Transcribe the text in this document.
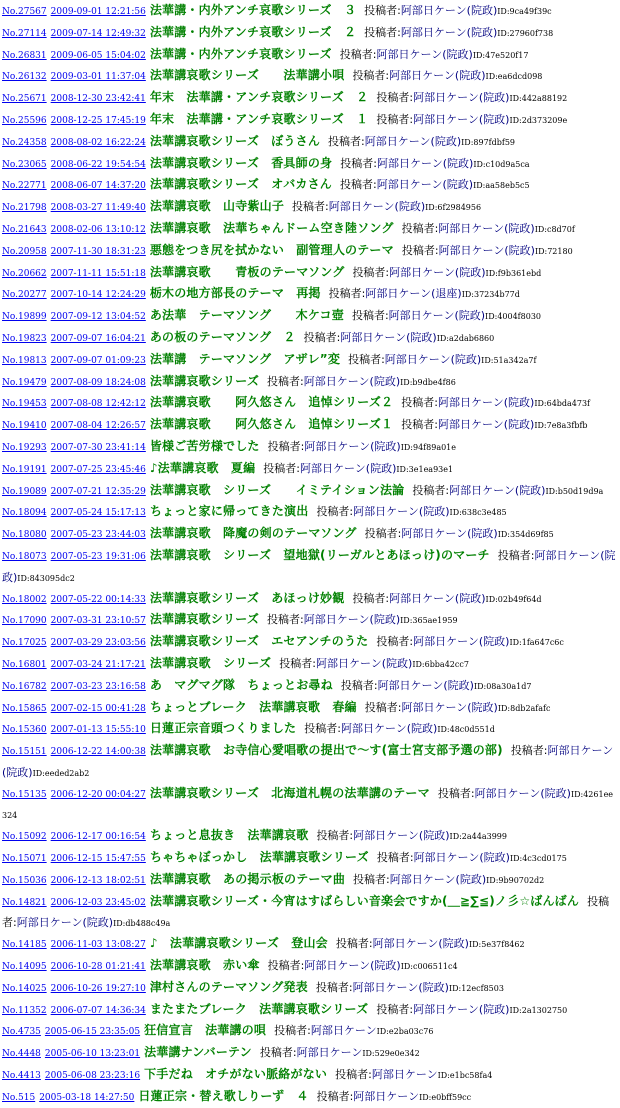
No.27567 2009-09-01 12:21:56 法華講・内外アンチ哀歌シリーズ　３ 投稿者:阿部日ケーン(院政)ID:9ca49f39c
No.27114 2009-07-14 12:49:32 法華講・内外アンチ哀歌シリーズ　２ 投稿者:阿部日ケーン(院政)ID:27960f738
No.26831 2009-06-05 15:04:02 法華講・内外アンチ哀歌シリーズ 投稿者:阿部日ケーン(院政)ID:47e520f17
No.26132 2009-03-01 11:37:04 法華講哀歌シリーズ　　法華講小唄 投稿者:阿部日ケーン(院政)ID:ea6dcd098
No.25671 2008-12-30 23:42:41 年末　法華講・アンチ哀歌シリーズ　２ 投稿者:阿部日ケーン(院政)ID:442a88192
No.25596 2008-12-25 17:45:19 年末　法華講・アンチ哀歌シリーズ　１ 投稿者:阿部日ケーン(院政)ID:2d373209e
No.24358 2008-08-02 16:22:24 法華講哀歌シリーズ　ぼうさん 投稿者:阿部日ケーン(院政)ID:897fdbf59
No.23065 2008-06-22 19:54:54 法華講哀歌シリーズ　香具師の身 投稿者:阿部日ケーン(院政)ID:c10d9a5ca
No.22771 2008-06-07 14:37:20 法華講哀歌シリーズ　オバカさん 投稿者:阿部日ケーン(院政)ID:aa58eb5c5
No.21798 2008-03-27 11:49:40 法華講哀歌　山寺紫山子 投稿者:阿部日ケーン(院政)ID:6f2984956
No.21643 2008-02-06 13:10:12 法華講哀歌　法華ちゃんドーム空き陸ソング 投稿者:阿部日ケーン(院政)ID:c8d70f
No.20958 2007-11-30 18:31:23 悪態をつき尻を拭かない　副管理人のテーマ 投稿者:阿部日ケーン(院政)ID:72180
No.20662 2007-11-11 15:51:18 法華講哀歌　　青板のテーマソング 投稿者:阿部日ケーン(院政)ID:f9b361ebd
No.20277 2007-10-14 12:24:29 栃木の地方部長のテーマ　再掲 投稿者:阿部日ケーン(退座)ID:37234b77d
No.19899 2007-09-12 13:04:52 あ法華　テーマソング　　木ケコ壺 投稿者:阿部日ケーン(院政)ID:4004f8030
No.19823 2007-09-07 16:04:21 あの板のテーマソング　２ 投稿者:阿部日ケーン(院政)ID:a2dab6860
No.19813 2007-09-07 01:09:23 法華講　テーマソング　アザレ”変 投稿者:阿部日ケーン(院政)ID:51a342a7f
No.19479 2007-08-09 18:24:08 法華講哀歌シリーズ 投稿者:阿部日ケーン(院政)ID:b9dbe4f86
No.19453 2007-08-08 12:42:12 法華講哀歌　　阿久悠さん　追悼シリーズ２ 投稿者:阿部日ケーン(院政)ID:64bda473f
No.19410 2007-08-04 12:26:57 法華講哀歌　　阿久悠さん　追悼シリーズ１ 投稿者:阿部日ケーン(院政)ID:7e8a3fbfb
No.19293 2007-07-30 23:41:14 皆様ご苦労様でした 投稿者:阿部日ケーン(院政)ID:94f89a01e
No.19191 2007-07-25 23:45:46 ♪法華講哀歌　夏編 投稿者:阿部日ケーン(院政)ID:3e1ea93e1
No.19089 2007-07-21 12:35:29 法華講哀歌　シリーズ　　イミテイション法論 投稿者:阿部日ケーン(院政)ID:b50d19d9a
No.18094 2007-05-24 15:17:13 ちょっと家に帰ってきた演出 投稿者:阿部日ケーン(院政)ID:638c3e485
No.18080 2007-05-23 23:44:03 法華講哀歌　降魔の剣のテーマソング 投稿者:阿部日ケーン(院政)ID:354d69f85
No.18073 2007-05-23 19:31:06 法華講哀歌　シリーズ　望地獄(リーガルとあほっけ)のマーチ 投稿者:阿部日ケーン(院政)ID:843095dc2
No.18002 2007-05-22 00:14:33 法華講哀歌シリーズ　あほっけ妙観 投稿者:阿部日ケーン(院政)ID:02b49f64d
No.17090 2007-03-31 23:10:57 法華講哀歌シリーズ 投稿者:阿部日ケーン(院政)ID:365ae1959
No.17025 2007-03-29 23:03:56 法華講哀歌シリーズ　エセアンチのうた 投稿者:阿部日ケーン(院政)ID:1fa647c6c
No.16801 2007-03-24 21:17:21 法華講哀歌　シリーズ 投稿者:阿部日ケーン(院政)ID:6bba42cc7
No.16782 2007-03-23 23:16:58 あ　マグマグ隊　ちょっとお尋ね 投稿者:阿部日ケーン(院政)ID:08a30a1d7
No.15865 2007-02-15 00:41:28 ちょっとブレーク　法華講哀歌　春編 投稿者:阿部日ケーン(院政)ID:8db2afafc
No.15360 2007-01-13 15:55:10 日蓮正宗音頭つくりました 投稿者:阿部日ケーン(院政)ID:48c0d551d
No.15151 2006-12-22 14:00:38 法華講哀歌　お寺信心愛唱歌の提出で～す(富士宮支部予選の部) 投稿者:阿部日ケーン(院政)ID:eeded2ab2
No.15135 2006-12-20 00:04:27 法華講哀歌シリーズ　北海道札幌の法華講のテーマ 投稿者:阿部日ケーン(院政)ID:4261ee324
No.15092 2006-12-17 00:16:54 ちょっと息抜き　法華講哀歌 投稿者:阿部日ケーン(院政)ID:2a44a3999
No.15071 2006-12-15 15:47:55 ちゃちゃぼっかし　法華講哀歌シリーズ 投稿者:阿部日ケーン(院政)ID:4c3cd0175
No.15036 2006-12-13 18:02:51 法華講哀歌　あの掲示板のテーマ曲 投稿者:阿部日ケーン(院政)ID:9b90702d2
No.14821 2006-12-03 23:45:02 法華講哀歌シリーズ・今宵はすばらしい音楽会ですか(＿≧∑≦)ノ彡☆ばんばん 投稿者:阿部日ケーン(院政)ID:db488c49a
No.14185 2006-11-03 13:08:27 ♪　法華講哀歌シリーズ　登山会 投稿者:阿部日ケーン(院政)ID:5e37f8462
No.14095 2006-10-28 01:21:41 法華講哀歌　赤い傘 投稿者:阿部日ケーン(院政)ID:c006511c4
No.14025 2006-10-26 19:27:10 津村さんのテーマソング発表 投稿者:阿部日ケーン(院政)ID:12ecf8503
No.11352 2006-07-07 14:36:34 またまたブレーク　法華講哀歌シリーズ 投稿者:阿部日ケーン(院政)ID:2a1302750
No.4735 2005-06-15 23:35:05 狂信宣言　法華講の唄 投稿者:阿部日ケーンID:e2ba03c76
No.4448 2005-06-10 13:23:01 法華講ナンバーテン 投稿者:阿部日ケーンID:529e0e342
No.4413 2005-06-08 23:23:16 下手だね　オチがない脈絡がない 投稿者:阿部日ケーンID:e1bc58fa4
No.515 2005-03-18 14:27:50 日蓮正宗・替え歌しりーず　４ 投稿者:阿部日ケーンID:e0bff59cc
